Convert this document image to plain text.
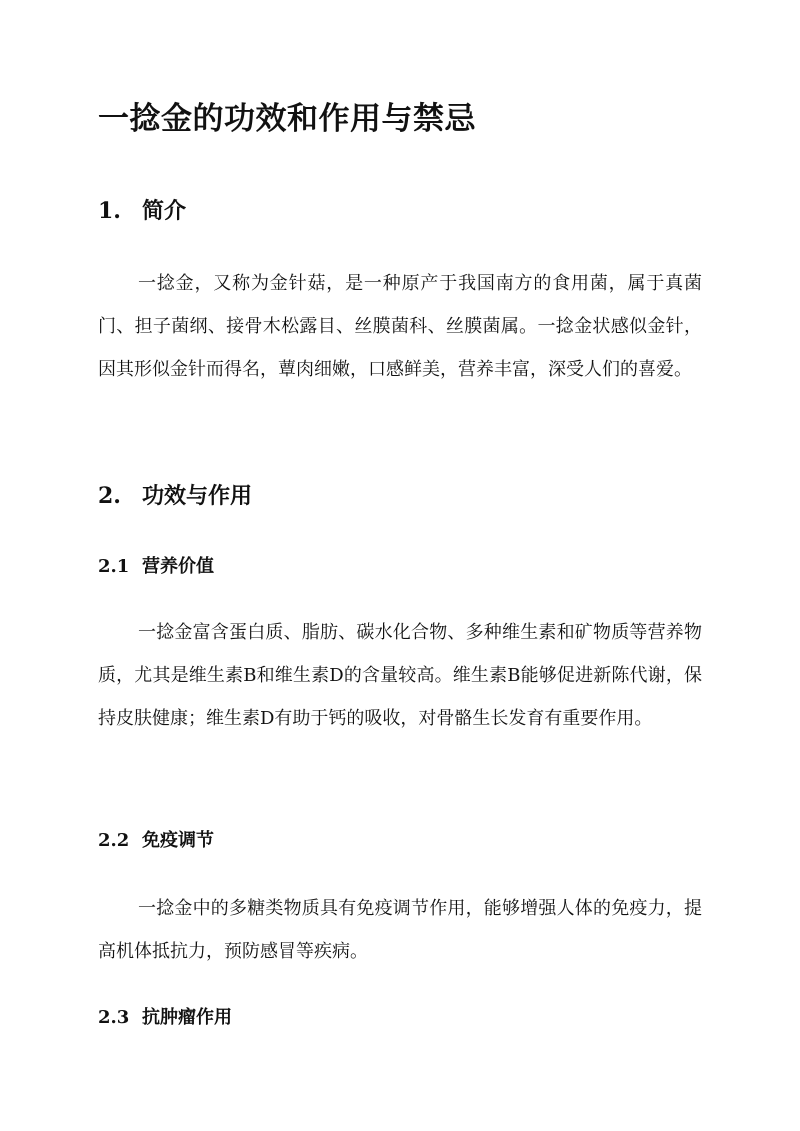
一捻金的功效和作用与禁忌
1. 简介

一捻金，又称为金针菇，是一种原产于我国南方的食用菌，属于真菌门、担子菌纲、接骨木松露目、丝膜菌科、丝膜菌属。一捻金状感似金针，因其形似金针而得名，蕈肉细嫩，口感鲜美，营养丰富，深受人们的喜爱。

2. 功效与作用
2.1 营养价值

一捻金富含蛋白质、脂肪、碳水化合物、多种维生素和矿物质等营养物质，尤其是维生素B和维生素D的含量较高。维生素B能够促进新陈代谢，保持皮肤健康；维生素D有助于钙的吸收，对骨骼生长发育有重要作用。

2.2 免疫调节

一捻金中的多糖类物质具有免疫调节作用，能够增强人体的免疫力，提高机体抵抗力，预防感冒等疾病。

2.3 抗肿瘤作用
